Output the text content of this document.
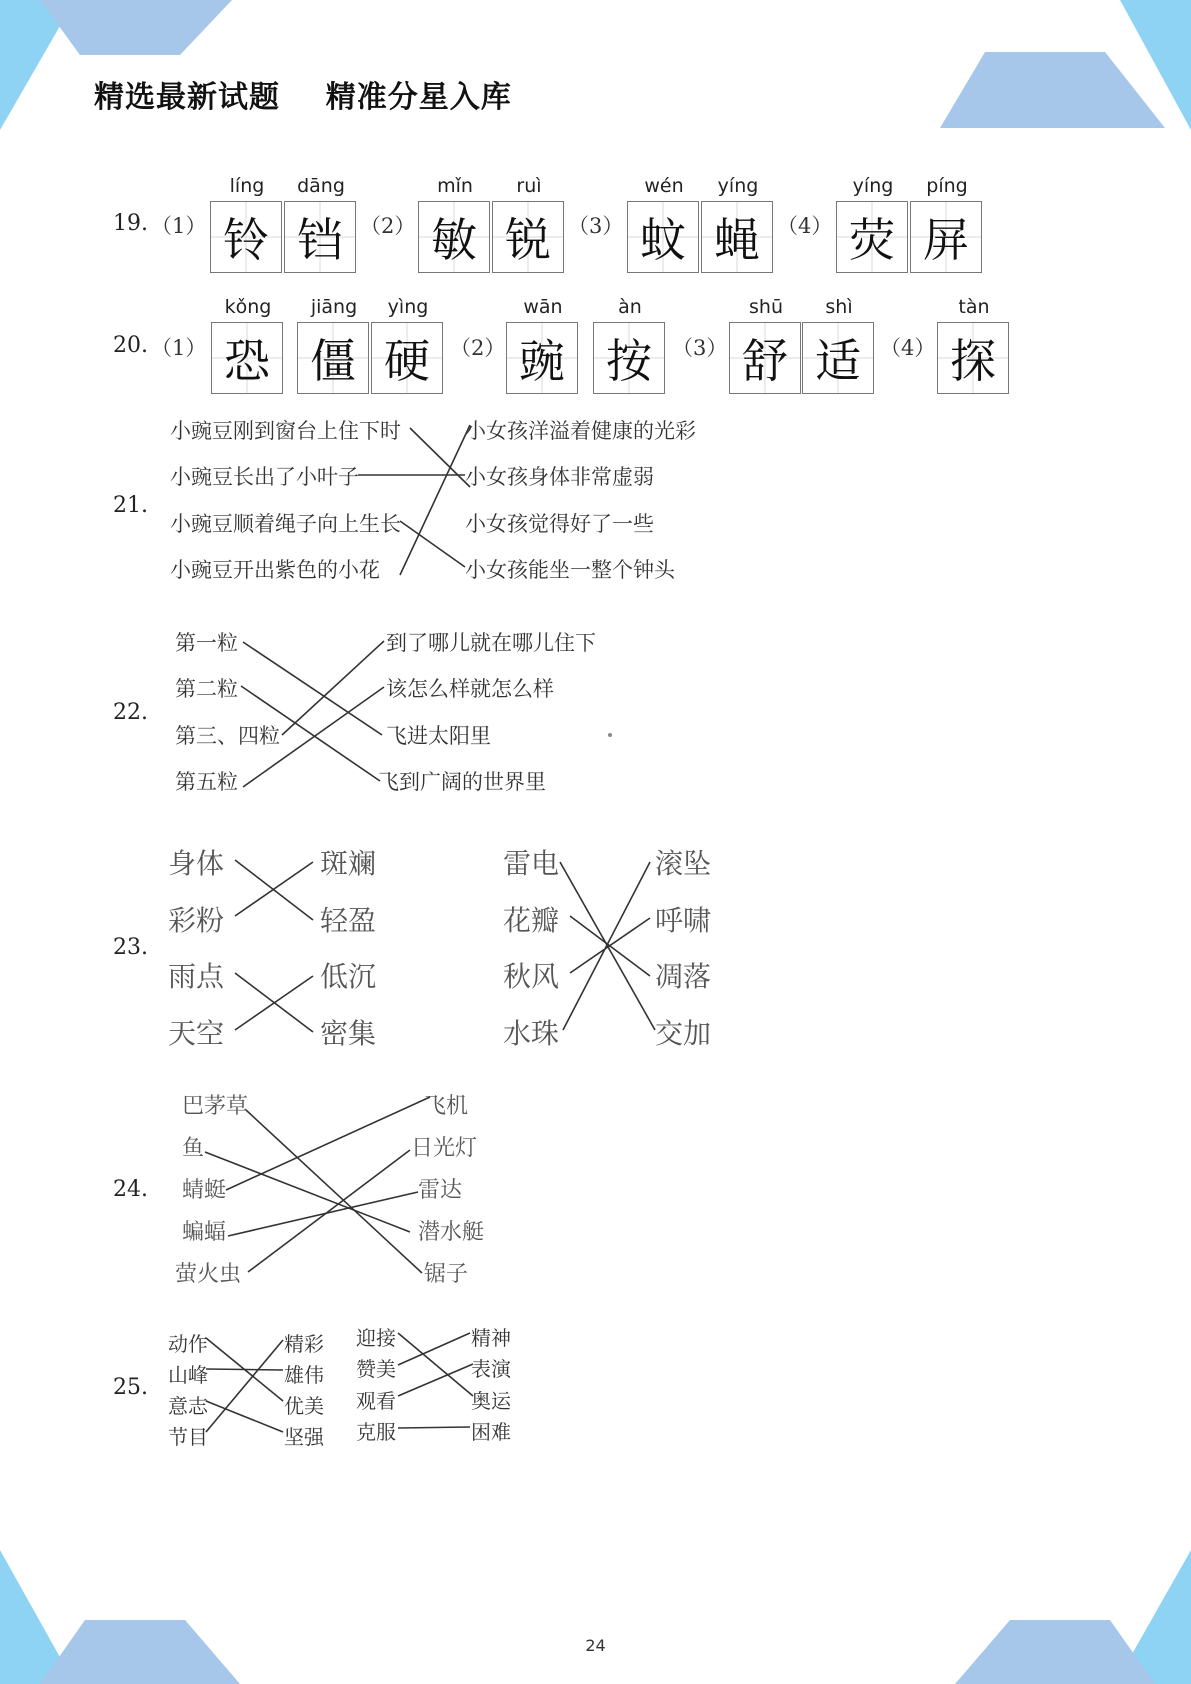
精选最新试题    精准分星入库
19. （1）
líng
铃
dāng
铛 （2）
mǐn
敏
ruì
锐 （3）
wén
蚊
yíng
蝇 （4）
yíng
荧
píng
屏
20. （1）
kǒng
恐
jiāng
僵
yìng
硬 （2）
wān
豌
àn
按 （3）
shū
舒
shì
适 （4）
tàn
探
21.
小豌豆刚到窗台上住下时
小豌豆长出了小叶子
小豌豆顺着绳子向上生长
小豌豆开出紫色的小花
小女孩洋溢着健康的光彩
小女孩身体非常虚弱
小女孩觉得好了一些
小女孩能坐一整个钟头
22.
第一粒
第二粒
第三、四粒
第五粒
到了哪儿就在哪儿住下
该怎么样就怎么样
飞进太阳里
飞到广阔的世界里
23.
身体
彩粉
雨点
天空
斑斓
轻盈
低沉
密集
雷电
花瓣
秋风
水珠
滚坠
呼啸
凋落
交加
24.
巴茅草
鱼
蜻蜓
蝙蝠
萤火虫
飞机
日光灯
雷达
潜水艇
锯子
25.
动作
山峰
意志
节目
精彩
雄伟
优美
坚强
迎接
赞美
观看
克服
精神
表演
奥运
困难
24
